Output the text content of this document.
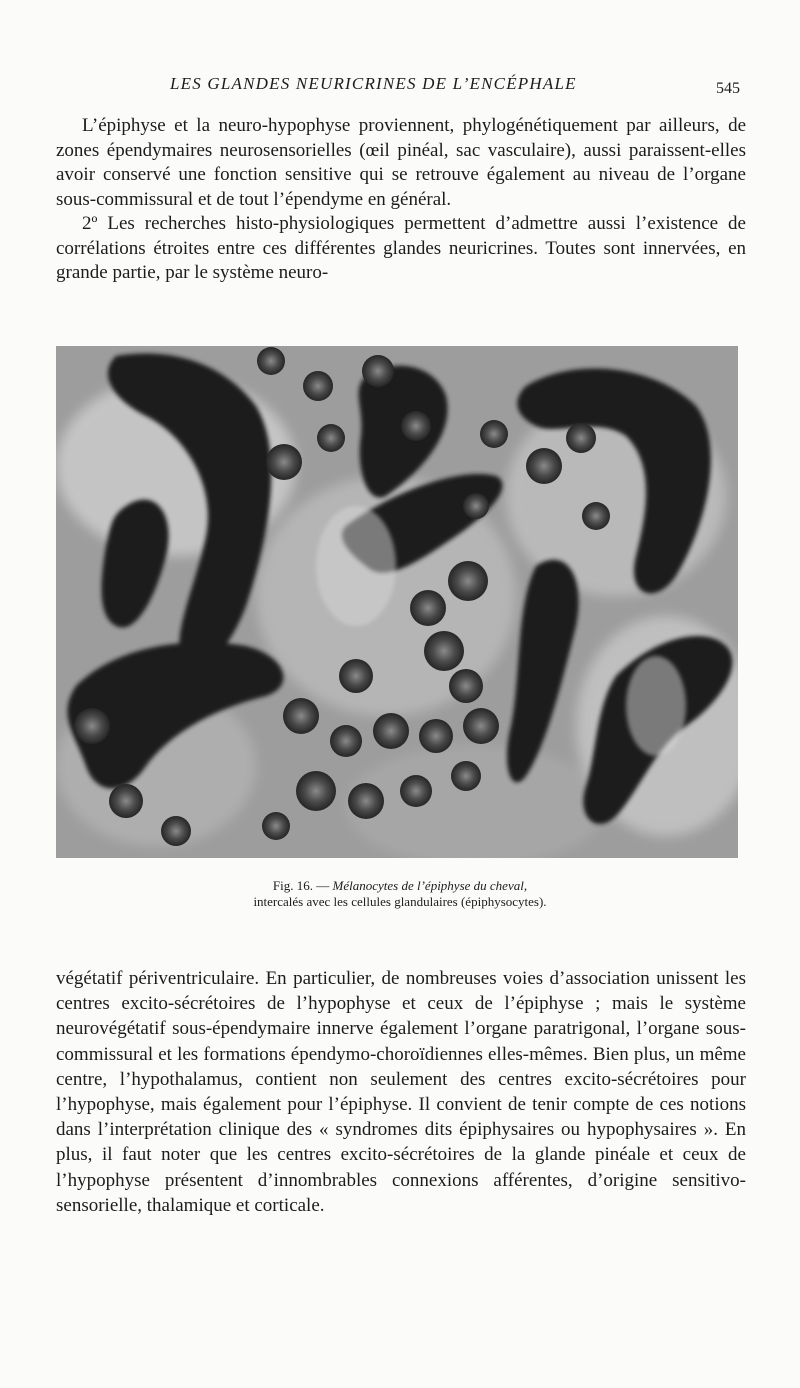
LES GLANDES NEURICRINES DE L’ENCÉPHALE	545

L’épiphyse et la neuro-hypophyse proviennent, phylogénétiquement par ailleurs, de zones épendymaires neurosensorielles (œil pinéal, sac vasculaire), aussi paraissent-elles avoir conservé une fonction sensitive qui se retrouve également au niveau de l’organe sous-commissural et de tout l’épendyme en général.

2º Les recherches histo-physiologiques permettent d’admettre aussi l’existence de corrélations étroites entre ces différentes glandes neuricrines. Toutes sont innervées, en grande partie, par le système neuro-

Fig. 16. — Mélanocytes de l’épiphyse du cheval,
intercalés avec les cellules glandulaires (épiphysocytes).

végétatif périventriculaire. En particulier, de nombreuses voies d’association unissent les centres excito-sécrétoires de l’hypophyse et ceux de l’épiphyse ; mais le système neurovégétatif sous-épendymaire innerve également l’organe paratrigonal, l’organe sous-commissural et les formations épendymo-choroïdiennes elles-mêmes. Bien plus, un même centre, l’hypothalamus, contient non seulement des centres excito-sécrétoires pour l’hypophyse, mais également pour l’épiphyse. Il convient de tenir compte de ces notions dans l’interprétation clinique des « syndromes dits épiphysaires ou hypophysaires ». En plus, il faut noter que les centres excito-sécrétoires de la glande pinéale et ceux de l’hypophyse présentent d’innombrables connexions afférentes, d’origine sensitivo-sensorielle, thalamique et corticale.
